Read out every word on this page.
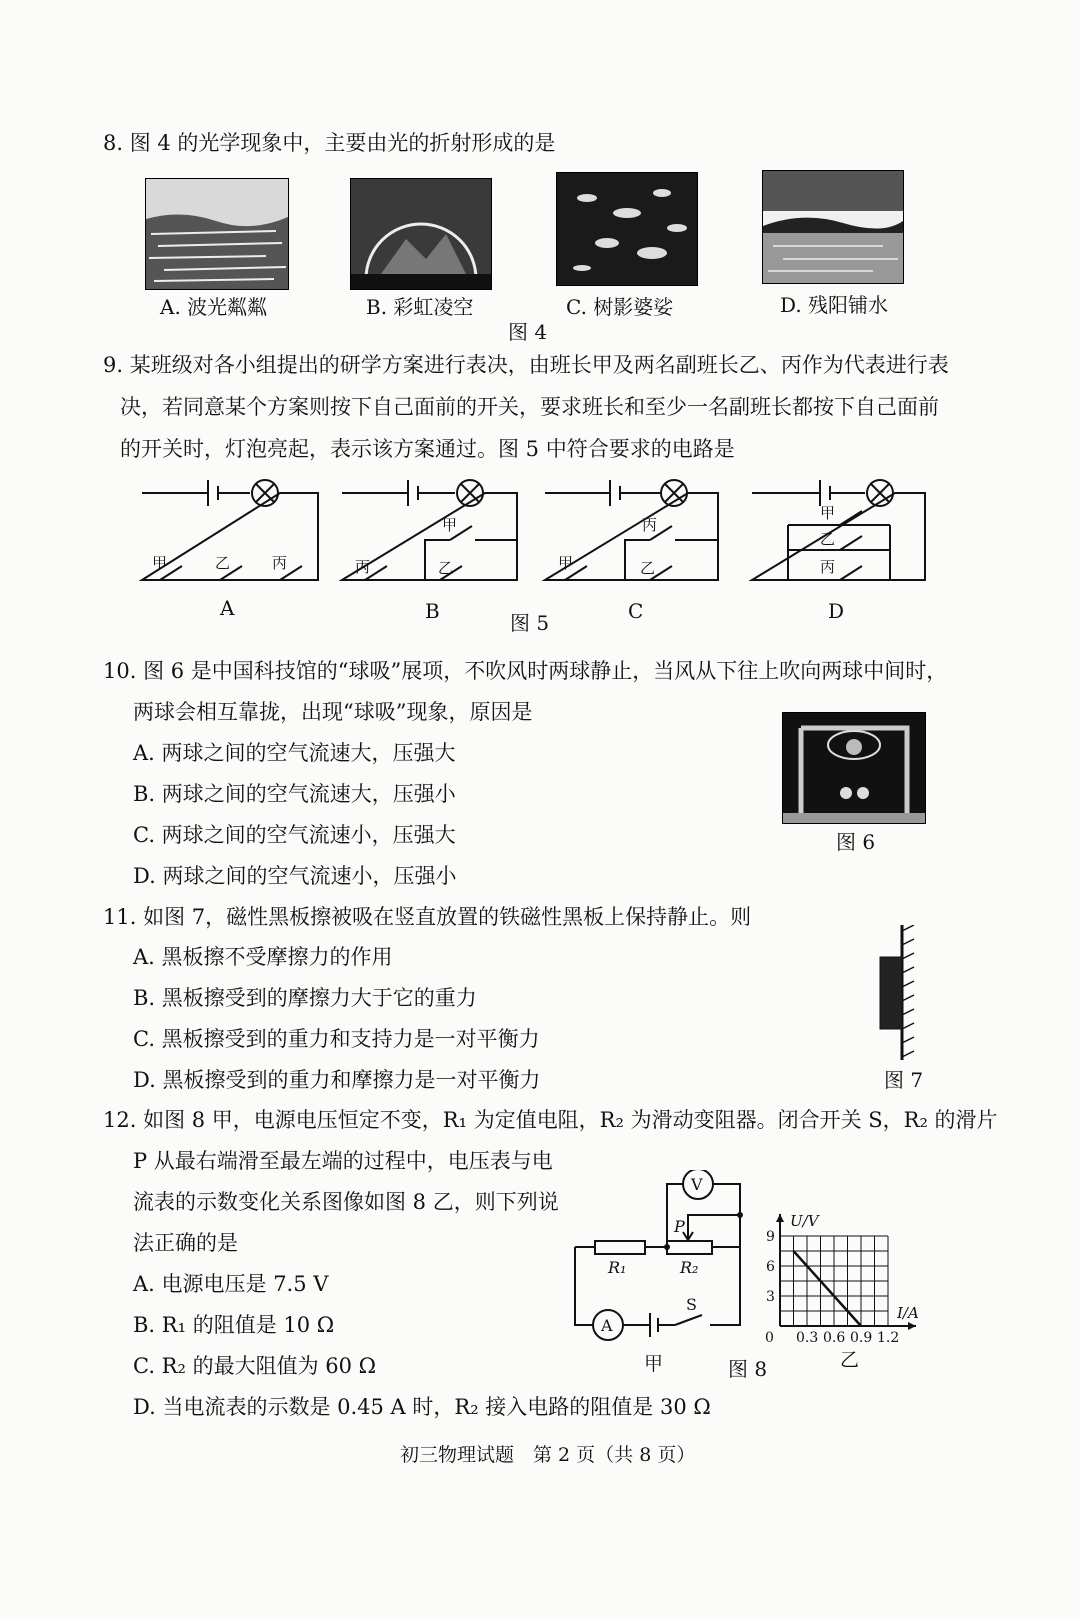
8. 图 4 的光学现象中，主要由光的折射形成的是
A. 波光粼粼	B. 彩虹凌空	C. 树影婆娑	D. 残阳铺水
图 4
9. 某班级对各小组提出的研学方案进行表决，由班长甲及两名副班长乙、丙作为代表进行表
决，若同意某个方案则按下自己面前的开关，要求班长和至少一名副班长都按下自己面前
的开关时，灯泡亮起，表示该方案通过。图 5 中符合要求的电路是
甲	乙	丙	丙	乙
甲
甲	乙
丙
甲
乙
丙
A	B	C	D
图 5
10. 图 6 是中国科技馆的“球吸”展项，不吹风时两球静止，当风从下往上吹向两球中间时，
两球会相互靠拢，出现“球吸”现象，原因是
A. 两球之间的空气流速大，压强大
B. 两球之间的空气流速大，压强小
C. 两球之间的空气流速小，压强大
D. 两球之间的空气流速小，压强小
图 6
11. 如图 7，磁性黑板擦被吸在竖直放置的铁磁性黑板上保持静止。则
A. 黑板擦不受摩擦力的作用
B. 黑板擦受到的摩擦力大于它的重力
C. 黑板擦受到的重力和支持力是一对平衡力
D. 黑板擦受到的重力和摩擦力是一对平衡力	图 7
12. 如图 8 甲，电源电压恒定不变，R₁ 为定值电阻，R₂ 为滑动变阻器。闭合开关 S，R₂ 的滑片
P 从最右端滑至最左端的过程中，电压表与电
流表的示数变化关系图像如图 8 乙，则下列说
法正确的是
A. 电源电压是 7.5 V
B. R₁ 的阻值是 10 Ω
C. R₂ 的最大阻值为 60 Ω
D. 当电流表的示数是 0.45 A 时，R₂ 接入电路的阻值是 30 Ω
V
A
R₁	R₂
P
S
甲	图 8
0.3 0.6 0.9 1.2
3
6
9
U/V
I/A
0
乙
初三物理试题　第 2 页（共 8 页）
